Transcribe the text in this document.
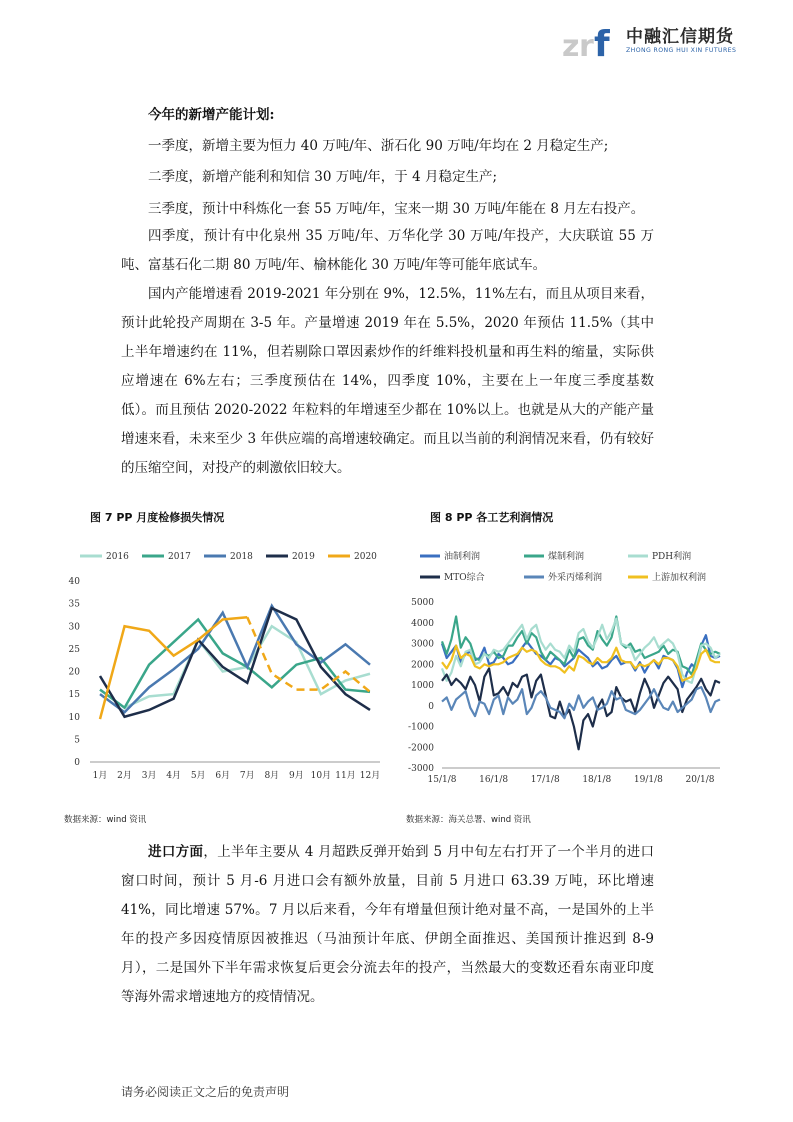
z r f 中融汇信期货
ZHONG RONG HUI XIN FUTURES
今年的新增产能计划:
一季度，新增主要为恒力 40 万吨/年、浙石化 90 万吨/年均在 2 月稳定生产;
二季度，新增产能利和知信 30 万吨/年，于 4 月稳定生产;
三季度，预计中科炼化一套 55 万吨/年，宝来一期 30 万吨/年能在 8 月左右投产。
四季度，预计有中化泉州 35 万吨/年、万华化学 30 万吨/年投产，大庆联谊 55 万吨、富基石化二期 80 万吨/年、榆林能化 30 万吨/年等可能年底试车。
国内产能增速看 2019-2021 年分别在 9%，12.5%，11%左右，而且从项目来看，预计此轮投产周期在 3-5 年。产量增速 2019 年在 5.5%，2020 年预估 11.5%（其中上半年增速约在 11%，但若剔除口罩因素炒作的纤维料投机量和再生料的缩量，实际供应增速在 6%左右；三季度预估在 14%，四季度 10%，主要在上一年度三季度基数低）。而且预估 2020-2022 年粒料的年增速至少都在 10%以上。也就是从大的产能产量增速来看，未来至少 3 年供应端的高增速较确定。而且以当前的利润情况来看，仍有较好的压缩空间，对投产的刺激依旧较大。
图 7 PP 月度检修损失情况
2016	2017	2018	2019	2020
0
5
10
15
20
25
30
35
40
1月 2月 3月 4月 5月 6月 7月 8月 9月 10月 11月 12月
数据来源：wind 资讯
图 8 PP 各工艺利润情况
油制利润	煤制利润	PDH利润
MTO综合	外采丙烯利润	上游加权利润
-3000
-2000
-1000
0
1000
2000
3000
4000
5000
15/1/8	16/1/8	17/1/8	18/1/8	19/1/8	20/1/8
数据来源：海关总署、wind 资讯
进口方面，上半年主要从 4 月超跌反弹开始到 5 月中旬左右打开了一个半月的进口窗口时间，预计 5 月-6 月进口会有额外放量，目前 5 月进口 63.39 万吨，环比增速 41%，同比增速 57%。7 月以后来看，今年有增量但预计绝对量不高，一是国外的上半年的投产多因疫情原因被推迟（马油预计年底、伊朗全面推迟、美国预计推迟到 8-9 月），二是国外下半年需求恢复后更会分流去年的投产，当然最大的变数还看东南亚印度等海外需求增速地方的疫情情况。
请务必阅读正文之后的免责声明
